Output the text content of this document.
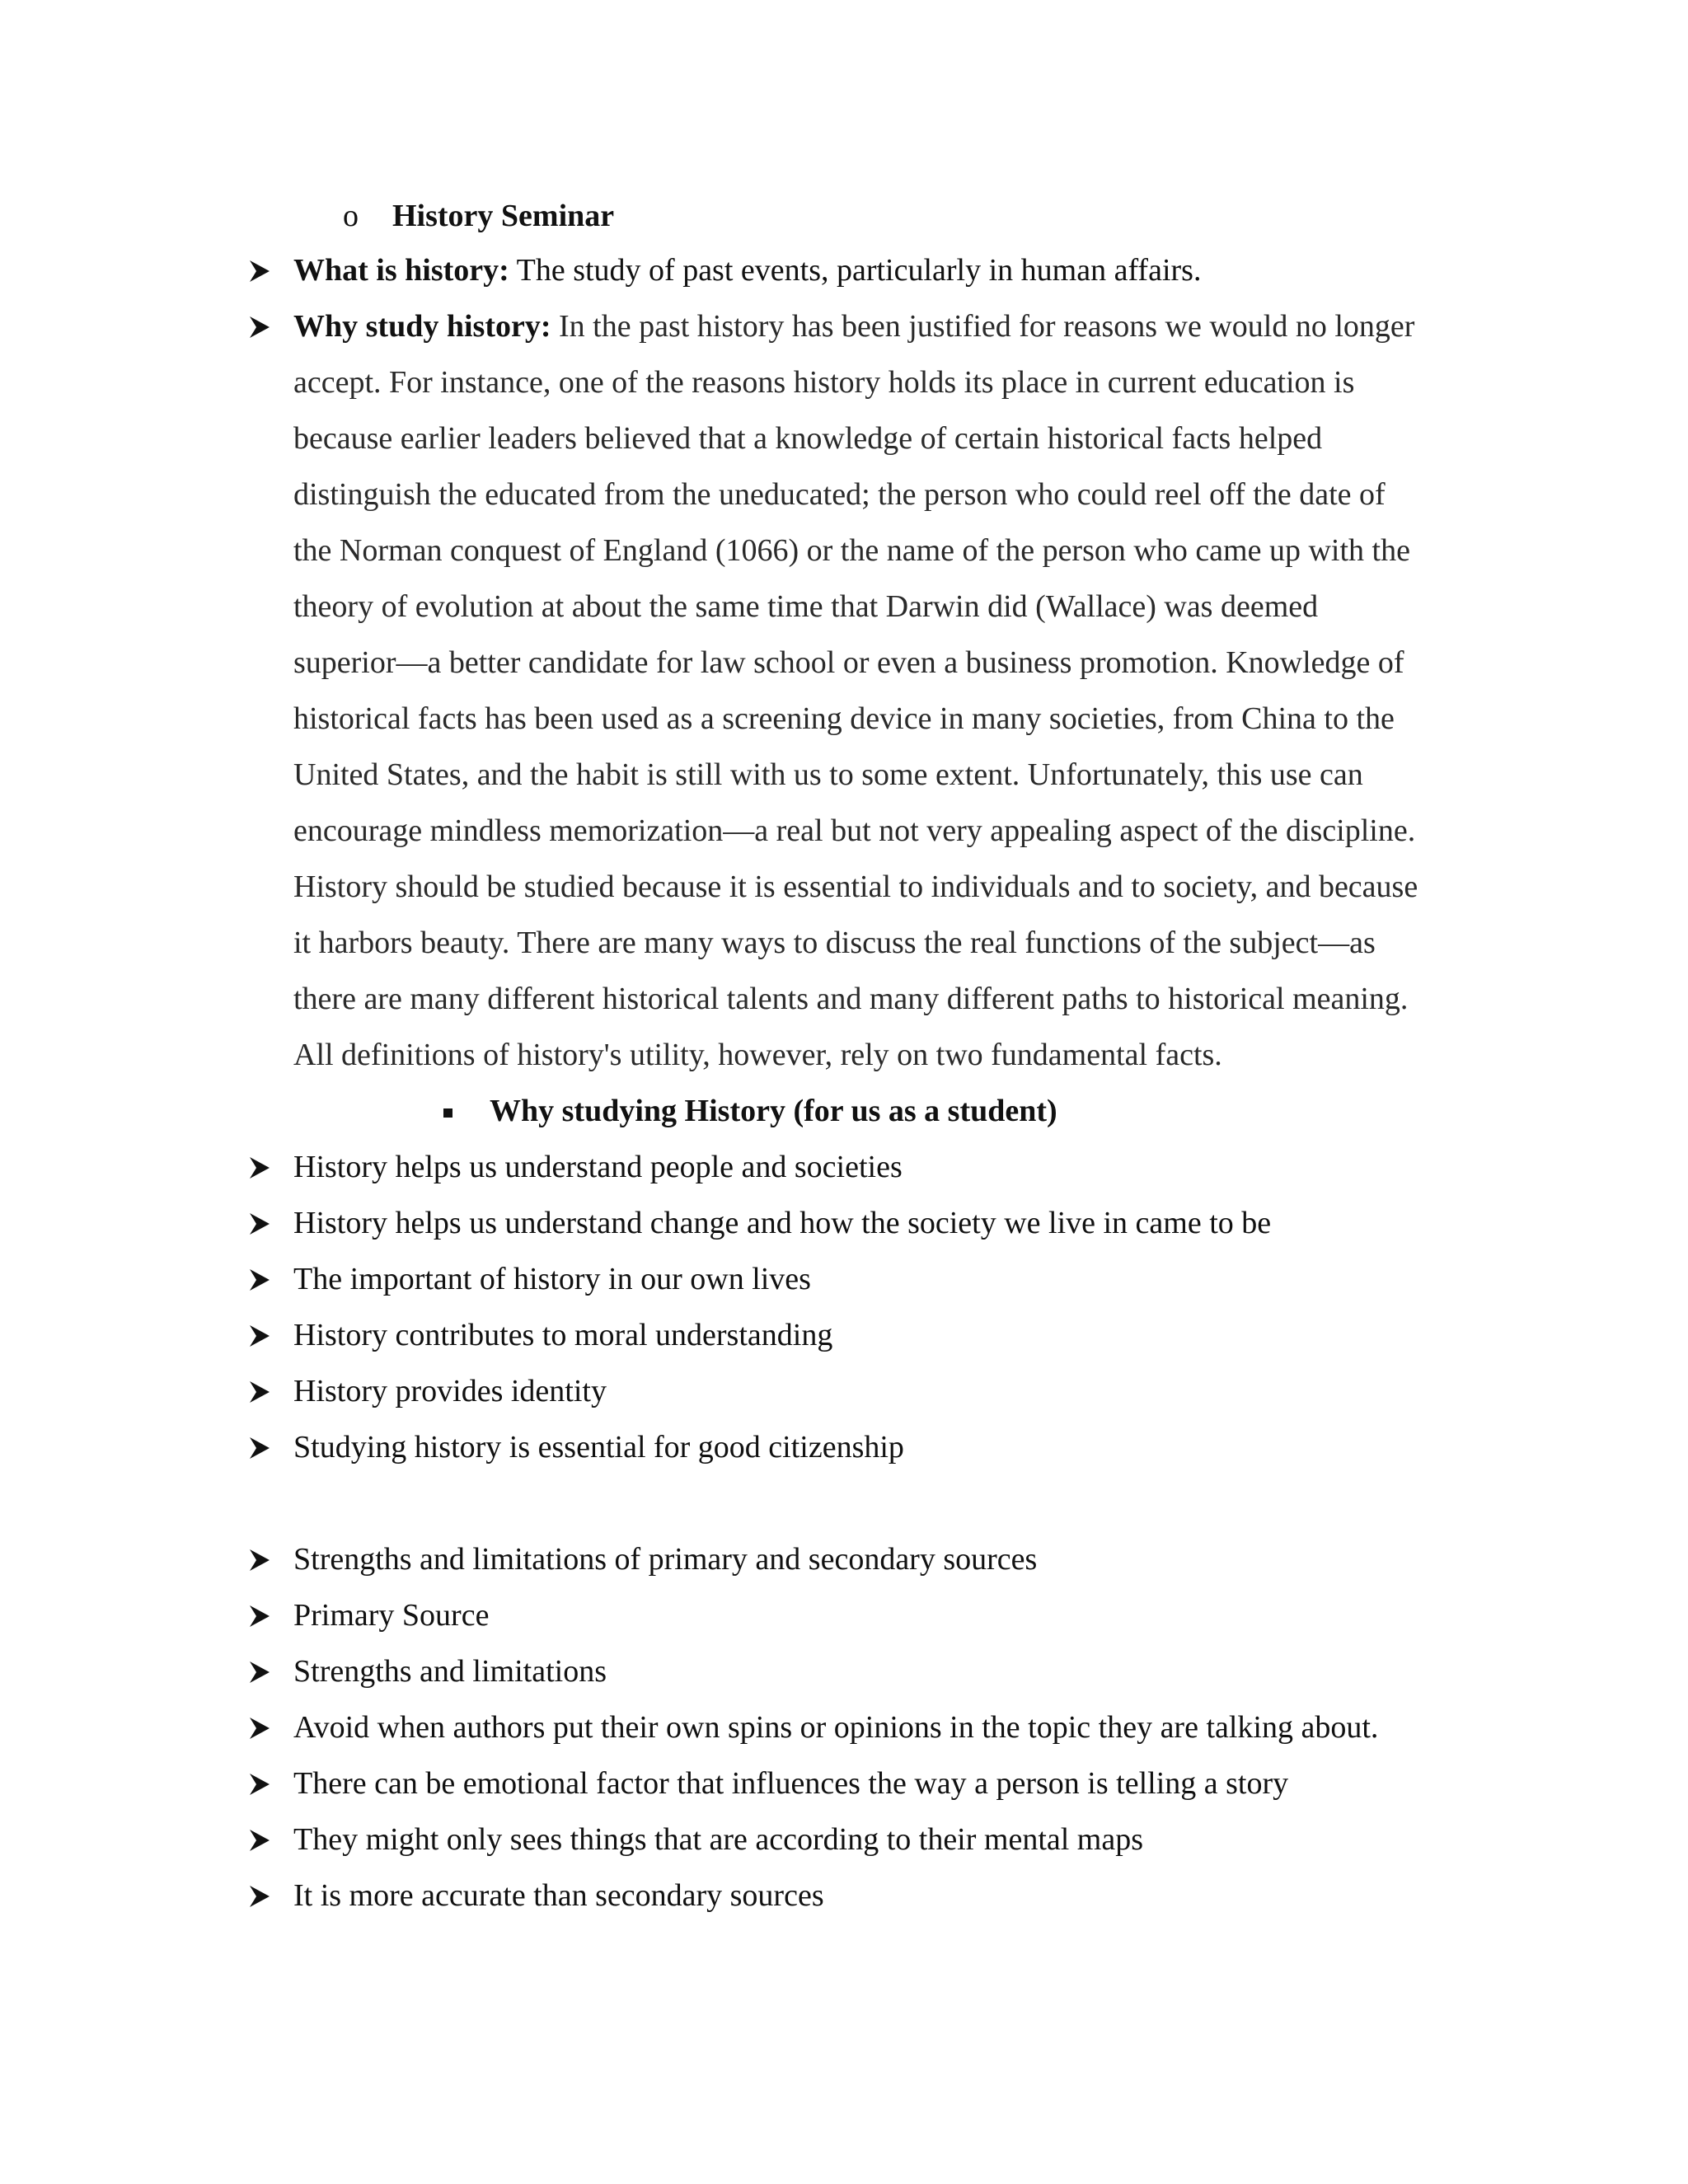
o History Seminar
What is history: The study of past events, particularly in human affairs.
Why study history: In the past history has been justified for reasons we would no longer
accept. For instance, one of the reasons history holds its place in current education is
because earlier leaders believed that a knowledge of certain historical facts helped
distinguish the educated from the uneducated; the person who could reel off the date of
the Norman conquest of England (1066) or the name of the person who came up with the
theory of evolution at about the same time that Darwin did (Wallace) was deemed
superior—a better candidate for law school or even a business promotion. Knowledge of
historical facts has been used as a screening device in many societies, from China to the
United States, and the habit is still with us to some extent. Unfortunately, this use can
encourage mindless memorization—a real but not very appealing aspect of the discipline.
History should be studied because it is essential to individuals and to society, and because
it harbors beauty. There are many ways to discuss the real functions of the subject—as
there are many different historical talents and many different paths to historical meaning.
All definitions of history's utility, however, rely on two fundamental facts.
Why studying History (for us as a student)
History helps us understand people and societies
History helps us understand change and how the society we live in came to be
The important of history in our own lives
History contributes to moral understanding
History provides identity
Studying history is essential for good citizenship
Strengths and limitations of primary and secondary sources
Primary Source
Strengths and limitations
Avoid when authors put their own spins or opinions in the topic they are talking about.
There can be emotional factor that influences the way a person is telling a story
They might only sees things that are according to their mental maps
It is more accurate than secondary sources
